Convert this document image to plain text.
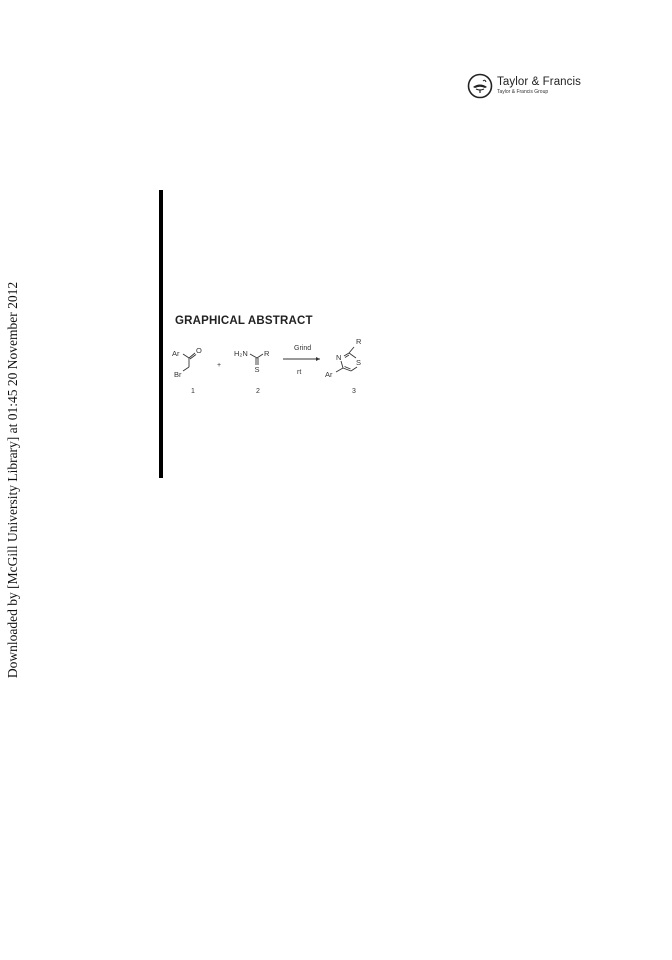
Downloaded by [McGill University Library] at 01:45 20 November 2012
Taylor & Francis
Taylor & Francis Group
GRAPHICAL ABSTRACT
Ar O
Br
1
+
H₂N R
S
2
Grind
rt
R
N
S
Ar
3
